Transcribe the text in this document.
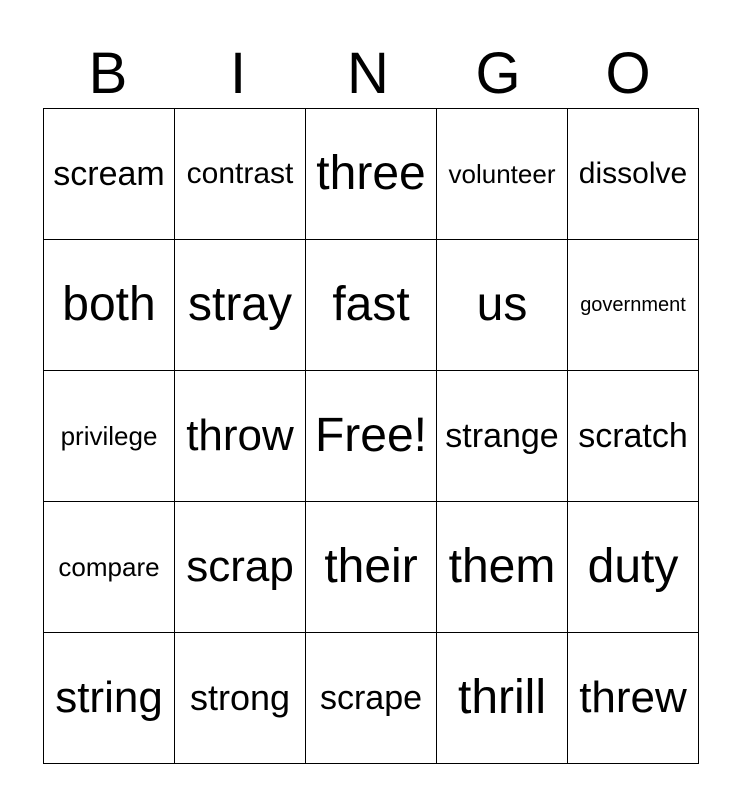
B	I	N	G	O
scream	contrast	three	volunteer	dissolve
both	stray	fast	us	government
privilege	throw	Free!	strange	scratch
compare	scrap	their	them	duty
string	strong	scrape	thrill	threw
